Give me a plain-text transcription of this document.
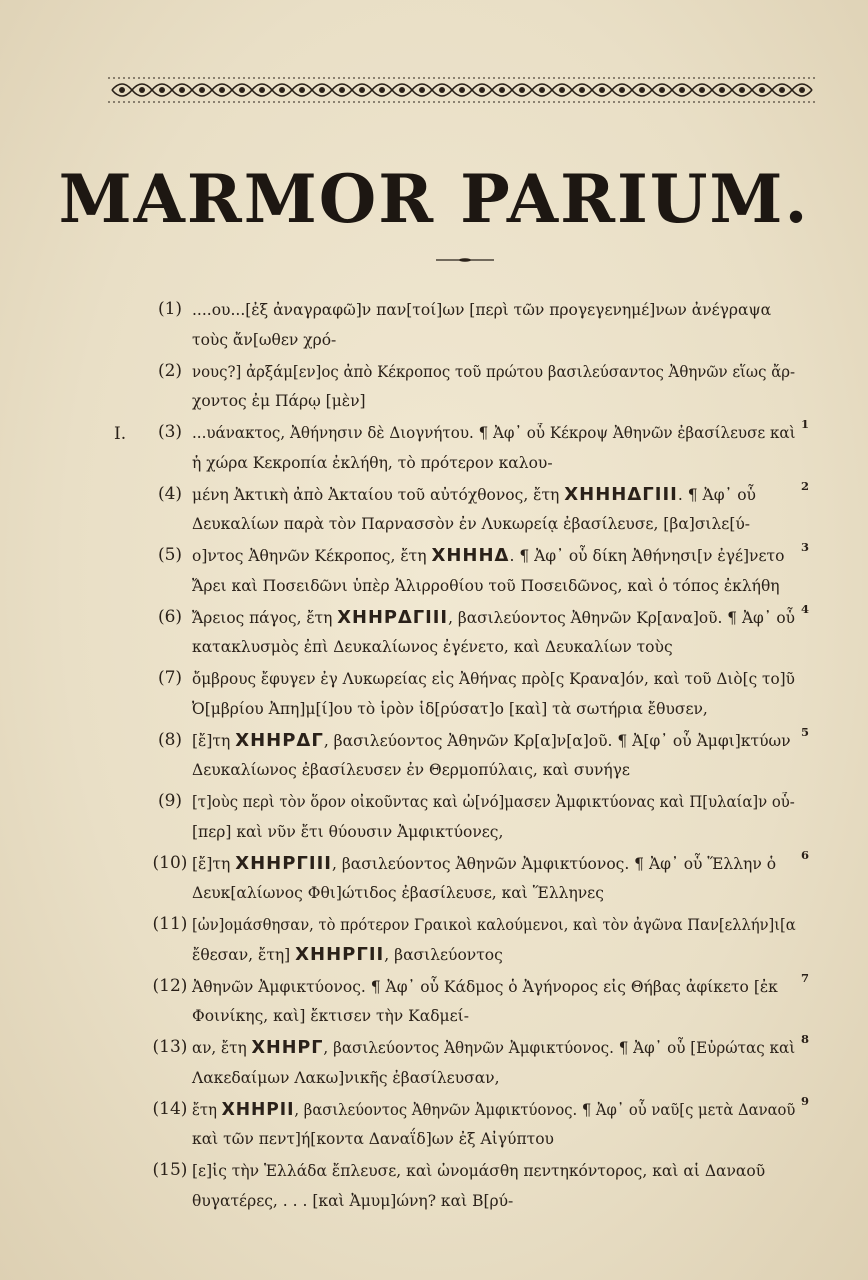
MARMOR PARIUM.
I.
(1) ....ου...[ἐξ ἀναγραφῶ]ν παν[τοί]ων [περὶ τῶν προγεγενημέ]νων ἀνέγραψα
τοὺς ἄν[ωθεν χρό-
(2) νους?] ἀρξάμ[εν]ος ἀπὸ Κέκροπος τοῦ πρώτου βασιλεύσαντος Ἀθηνῶν εἵως ἄρ-
χοντος ἐμ Πάρῳ [μὲν]
(3) ...υάνακτος, Ἀθήνησιν δὲ Διογνήτου. ¶ Ἀφ᾽ οὗ Κέκροψ Ἀθηνῶν ἐβασίλευσε καὶ
ἡ χώρα Κεκροπία ἐκλήθη, τὸ πρότερον καλου-
1
(4) μένη Ἀκτικὴ ἀπὸ Ἀκταίου τοῦ αὐτόχθονος, ἔτη ΧΗΗΗΔΓΙΙΙ. ¶ Ἀφ᾽ οὗ
Δευκαλίων παρὰ τὸν Παρνασσὸν ἐν Λυκωρείᾳ ἐβασίλευσε, [βα]σιλε[ύ-
2
(5) ο]ντος Ἀθηνῶν Κέκροπος, ἔτη ΧΗΗΗΔ. ¶ Ἀφ᾽ οὗ δίκη Ἀθήνησι[ν ἐγέ]νετο
Ἄρει καὶ Ποσειδῶνι ὑπὲρ Ἁλιρροθίου τοῦ Ποσειδῶνος, καὶ ὁ τόπος ἐκλήθη
3
(6) Ἄρειος πάγος, ἔτη ΧΗΗΡΔΓΙΙΙ, βασιλεύοντος Ἀθηνῶν Κρ[ανα]οῦ. ¶ Ἀφ᾽ οὗ
κατακλυσμὸς ἐπὶ Δευκαλίωνος ἐγένετο, καὶ Δευκαλίων τοὺς
4
(7) ὄμβρους ἔφυγεν ἐγ Λυκωρείας εἰς Ἀθήνας πρὸ[ς Κρανα]όν, καὶ τοῦ Διὸ[ς το]ῦ
Ὀ[μβρίου Ἀπη]μ[ί]ου τὸ ἱρὸν ἱδ[ρύσατ]ο [καὶ] τὰ σωτήρια ἔθυσεν,
(8) [ἔ]τη ΧΗΗΡΔΓ, βασιλεύοντος Ἀθηνῶν Κρ[α]ν[α]οῦ. ¶ Ἀ[φ᾽ οὗ Ἀμφι]κτύων
Δευκαλίωνος ἐβασίλευσεν ἐν Θερμοπύλαις, καὶ συνήγε
5
(9) [τ]οὺς περὶ τὸν ὅρον οἰκοῦντας καὶ ὠ[νό]μασεν Ἀμφικτύονας καὶ Π[υλαία]ν οὗ-
[περ] καὶ νῦν ἔτι θύουσιν Ἀμφικτύονες,
(10) [ἔ]τη ΧΗΗΡΓΙΙΙ, βασιλεύοντος Ἀθηνῶν Ἀμφικτύονος. ¶ Ἀφ᾽ οὗ Ἕλλην ὁ
Δευκ[αλίωνος Φθι]ώτιδος ἐβασίλευσε, καὶ Ἕλληνες
6
(11) [ὠν]ομάσθησαν, τὸ πρότερον Γραικοὶ καλούμενοι, καὶ τὸν ἀγῶνα Παν[ελλήν]ι[α
ἔθεσαν, ἔτη] ΧΗΗΡΓΙΙ, βασιλεύοντος
(12) Ἀθηνῶν Ἀμφικτύονος. ¶ Ἀφ᾽ οὗ Κάδμος ὁ Ἀγήνορος εἰς Θήβας ἀφίκετο [ἐκ
Φοινίκης, καὶ] ἔκτισεν τὴν Καδμεί-
7
(13) αν, ἔτη ΧΗΗΡΓ, βασιλεύοντος Ἀθηνῶν Ἀμφικτύονος. ¶ Ἀφ᾽ οὗ [Εὐρώτας καὶ
Λακεδαίμων Λακω]νικῆς ἐβασίλευσαν,
8
(14) ἔτη ΧΗΗΡΙΙ, βασιλεύοντος Ἀθηνῶν Ἀμφικτύονος. ¶ Ἀφ᾽ οὗ ναῦ[ς μετὰ Δαναοῦ
καὶ τῶν πεντ]ή[κοντα Δαναΐδ]ων ἐξ Αἰγύπτου
9
(15) [ε]ἰς τὴν Ἑλλάδα ἔπλευσε, καὶ ὠνομάσθη πεντηκόντορος, καὶ αἱ Δαναοῦ
θυγατέρες, . . . [καὶ Ἀμυμ]ώνη? καὶ Β[ρύ-
